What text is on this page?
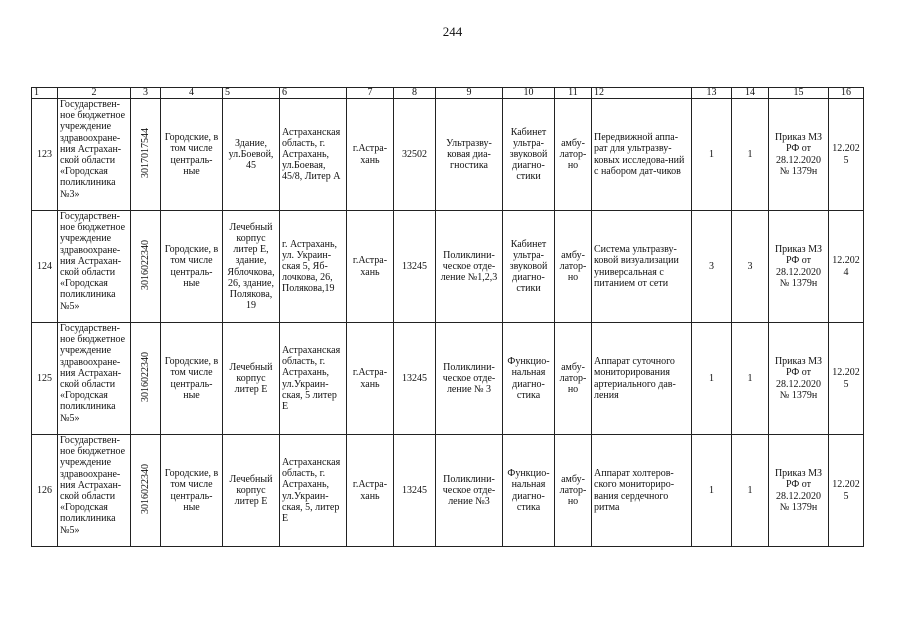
244
1	2	3	4	5	6	7	8	9	10	11	12	13	14	15	16
123	Государствен-ное бюджетное учреждение здравоохране-ния Астрахан-ской области «Городская поликлиника №3»	3017017544	Городские, в том числе централь-ные	Здание, ул.Боевой, 45	Астраханская область, г. Астрахань, ул.Боевая, 45/8, Литер А	г.Астра-хань	32502	Ультразву-ковая диа-гностика	Кабинет ультра-звуковой диагно-стики	амбу-латор-но	Передвижной аппа-рат для ультразву-ковых исследова-ний с набором дат-чиков	1	1	Приказ МЗ РФ от 28.12.2020 № 1379н	12.2025
124	Государствен-ное бюджетное учреждение здравоохране-ния Астрахан-ской области «Городская поликлиника №5»	3016022340	Городские, в том числе централь-ные	Лечебный корпус литер Е, здание, Яблочкова, 26, здание, Полякова, 19	г. Астрахань, ул. Украин-ская 5, Яб-лочкова, 26, Полякова,19	г.Астра-хань	13245	Поликлини-ческое отде-ление №1,2,3	Кабинет ультра-звуковой диагно-стики	амбу-латор-но	Система ультразву-ковой визуализации универсальная с питанием от сети	3	3	Приказ МЗ РФ от 28.12.2020 № 1379н	12.2024
125	Государствен-ное бюджетное учреждение здравоохране-ния Астрахан-ской области «Городская поликлиника №5»	3016022340	Городские, в том числе централь-ные	Лечебный корпус литер Е	Астраханская область, г. Астрахань, ул.Украин-ская, 5 литер Е	г.Астра-хань	13245	Поликлини-ческое отде-ление № 3	Функцио-нальная диагно-стика	амбу-латор-но	Аппарат суточного мониторирования артериального дав-ления	1	1	Приказ МЗ РФ от 28.12.2020 № 1379н	12.2025
126	Государствен-ное бюджетное учреждение здравоохране-ния Астрахан-ской области «Городская поликлиника №5»	3016022340	Городские, в том числе централь-ные	Лечебный корпус литер Е	Астраханская область, г. Астрахань, ул.Украин-ская, 5, литер Е	г.Астра-хань	13245	Поликлини-ческое отде-ление №3	Функцио-нальная диагно-стика	амбу-латор-но	Аппарат холтеров-ского мониториро-вания сердечного ритма	1	1	Приказ МЗ РФ от 28.12.2020 № 1379н	12.2025
